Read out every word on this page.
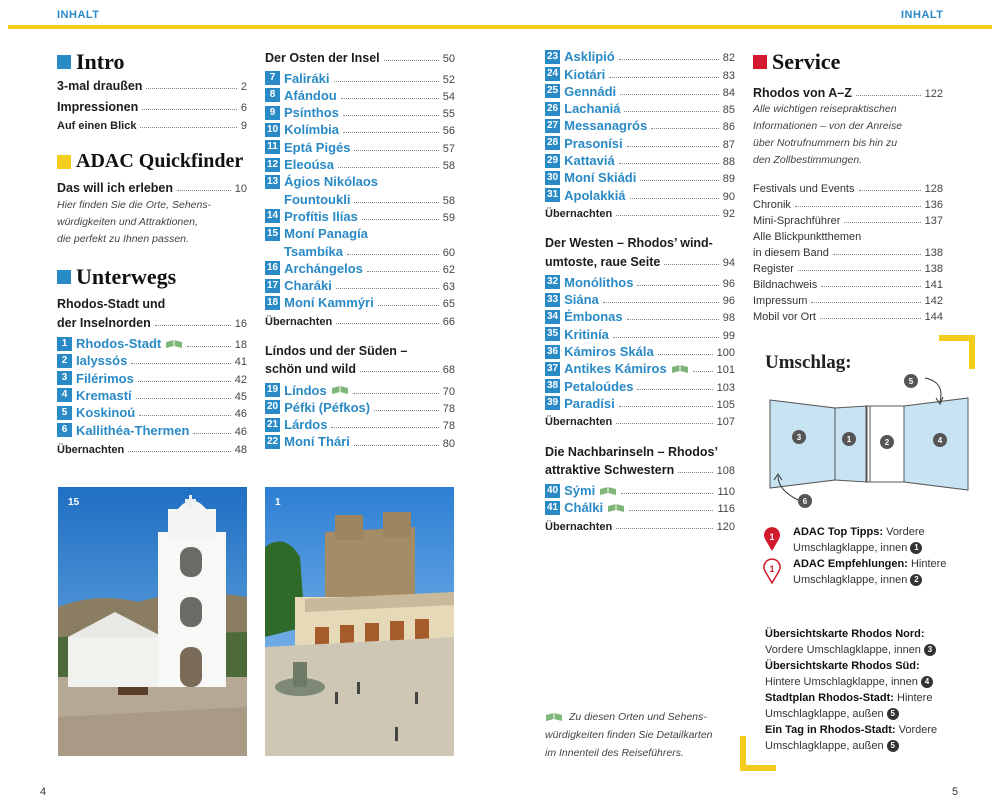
INHALT	INHALT
Intro
3-mal draußen	2
Impressionen	6
Auf einen Blick	9
ADAC Quickfinder
Das will ich erleben	10
Hier finden Sie die Orte, Sehens-
würdigkeiten und Attraktionen,
die perfekt zu Ihnen passen.
Unterwegs
Rhodos-Stadt und
der Inselnorden	16
1 Rhodos-Stadt	18
2 Ialyssós	41
3 Filérimos	42
4 Kremastí	45
5 Koskinoú	46
6 Kallithéa-Thermen	46
Übernachten	48
Der Osten der Insel	50
7 Faliráki	52
8 Afándou	54
9 Psínthos	55
10 Kolímbia	56
11 Eptá Pigés	57
12 Eleoúsa	58
13 Ágios Nikólaos
Fountoukli	58
14 Profítis Ilías	59
15 Moní Panagía
Tsambíka	60
16 Archángelos	62
17 Charáki	63
18 Moní Kammýri	65
Übernachten	66
Líndos und der Süden –
schön und wild	68
19 Líndos	70
20 Péfki (Péfkos)	78
21 Lárdos	78
22 Moní Thári	80
23 Asklipió	82
24 Kiotári	83
25 Gennádi	84
26 Lachaniá	85
27 Messanagrós	86
28 Prasonísi	87
29 Kattaviá	88
30 Moní Skiádi	89
31 Apolakkiá	90
Übernachten	92
Der Westen – Rhodos’ wind-
umtoste, raue Seite	94
32 Monólithos	96
33 Siána	96
34 Émbonas	98
35 Kritinía	99
36 Kámiros Skála	100
37 Antikes Kámiros	101
38 Petaloúdes	103
39 Paradísi	105
Übernachten	107
Die Nachbarinseln – Rhodos’
attraktive Schwestern	108
40 Sými	110
41 Chálki	116
Übernachten	120
Zu diesen Orten und Sehens-
würdigkeiten finden Sie Detailkarten
im Innenteil des Reiseführers.
Service
Rhodos von A–Z	122
Alle wichtigen reisepraktischen
Informationen – von der Anreise
über Notrufnummern bis hin zu
den Zollbestimmungen.
Festivals und Events	128
Chronik	136
Mini-Sprachführer	137
Alle Blickpunktthemen
in diesem Band	138
Register	138
Bildnachweis	141
Impressum	142
Mobil vor Ort	144
Umschlag:
5
3	1	2	4
6
1 ADAC Top Tipps: Vordere
Umschlagklappe, innen 1
1 ADAC Empfehlungen: Hintere
Umschlagklappe, innen 2
Übersichtskarte Rhodos Nord:
Vordere Umschlagklappe, innen 3
Übersichtskarte Rhodos Süd:
Hintere Umschlagklappe, innen 4
Stadtplan Rhodos-Stadt: Hintere
Umschlagklappe, außen 5
Ein Tag in Rhodos-Stadt: Vordere
Umschlagklappe, außen 5
15	1
4	5
